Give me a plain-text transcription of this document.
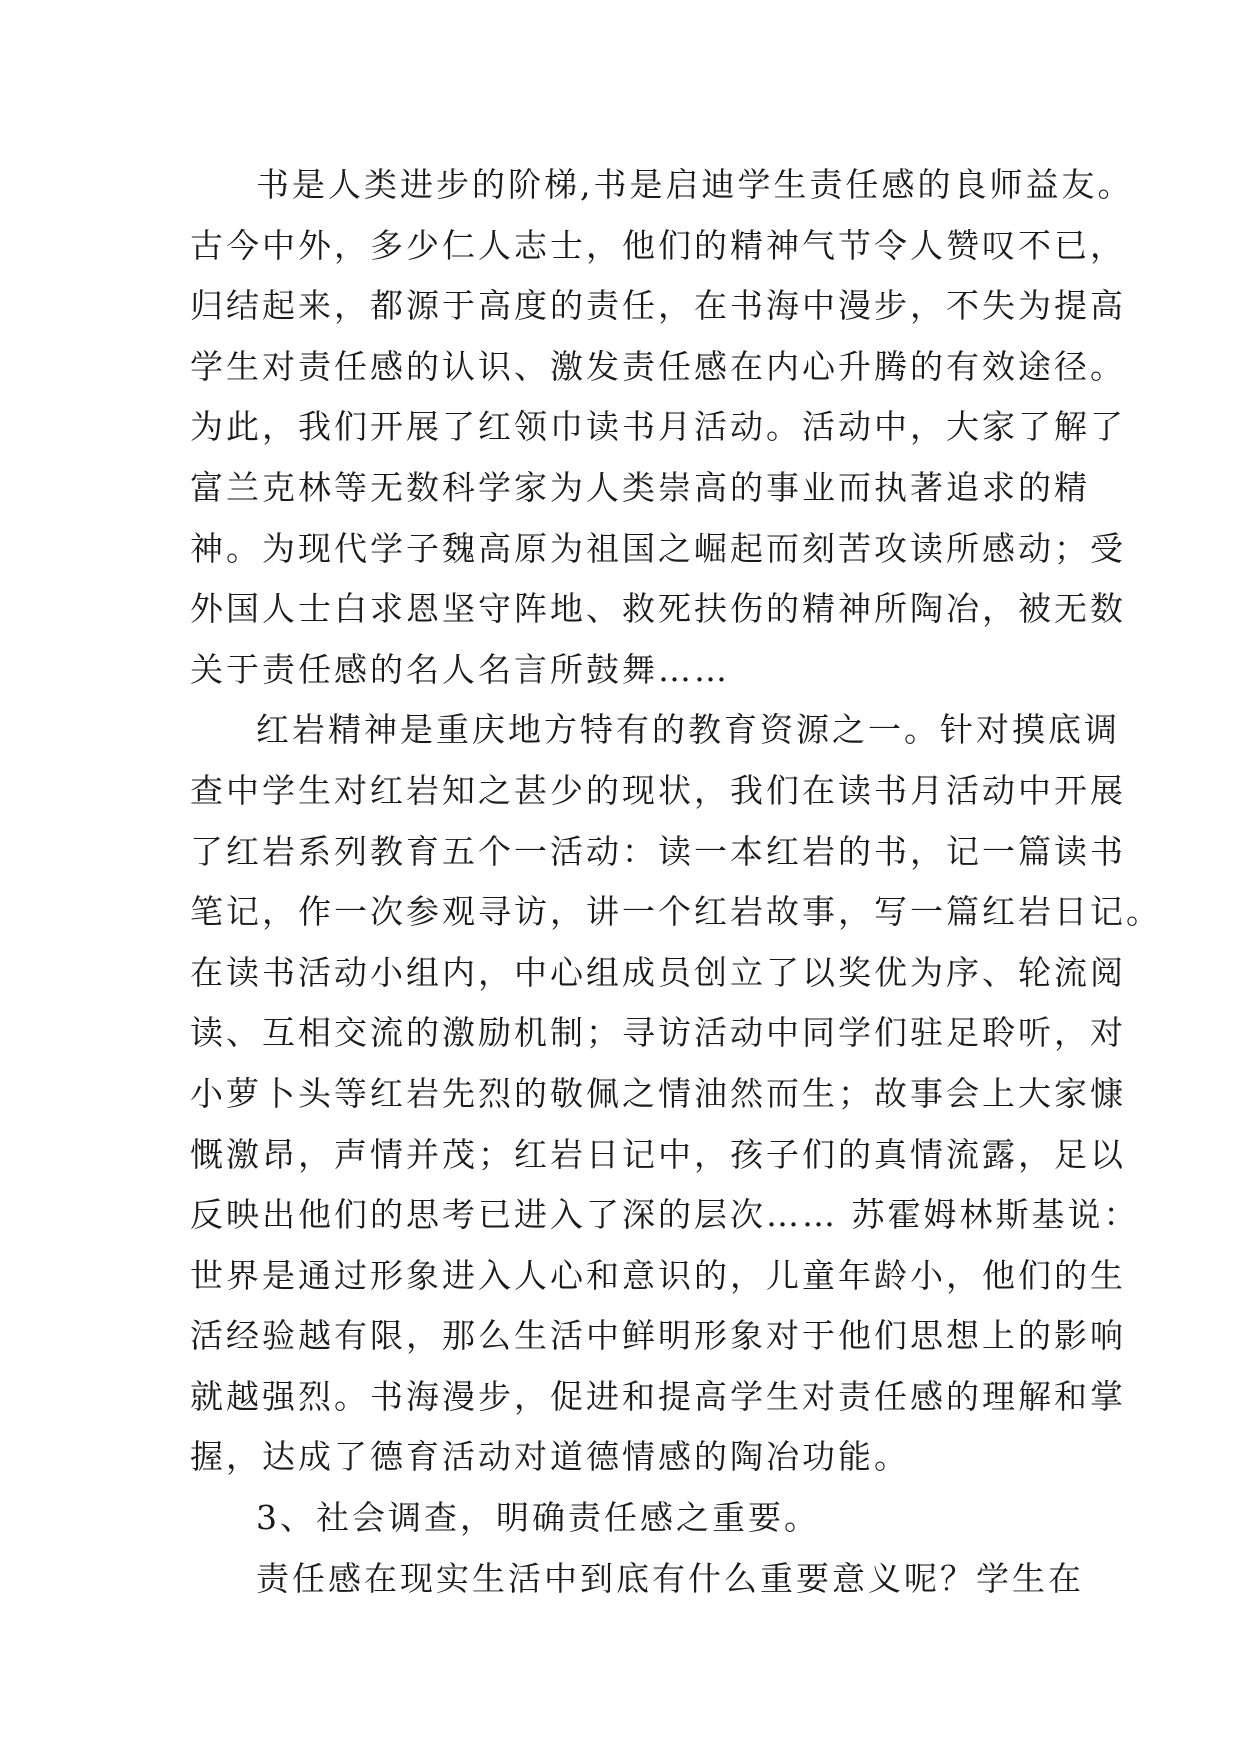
书是人类进步的阶梯,书是启迪学生责任感的良师益友。
古今中外，多少仁人志士，他们的精神气节令人赞叹不已，
归结起来，都源于高度的责任，在书海中漫步，不失为提高
学生对责任感的认识、激发责任感在内心升腾的有效途径。
为此，我们开展了红领巾读书月活动。活动中，大家了解了
富兰克林等无数科学家为人类崇高的事业而执著追求的精
神。为现代学子魏高原为祖国之崛起而刻苦攻读所感动；受
外国人士白求恩坚守阵地、救死扶伤的精神所陶冶，被无数
关于责任感的名人名言所鼓舞……
红岩精神是重庆地方特有的教育资源之一。针对摸底调
查中学生对红岩知之甚少的现状，我们在读书月活动中开展
了红岩系列教育五个一活动：读一本红岩的书，记一篇读书
笔记，作一次参观寻访，讲一个红岩故事，写一篇红岩日记。
在读书活动小组内，中心组成员创立了以奖优为序、轮流阅
读、互相交流的激励机制；寻访活动中同学们驻足聆听，对
小萝卜头等红岩先烈的敬佩之情油然而生；故事会上大家慷
慨激昂，声情并茂；红岩日记中，孩子们的真情流露，足以
反映出他们的思考已进入了深的层次…… 苏霍姆林斯基说：
世界是通过形象进入人心和意识的，儿童年龄小，他们的生
活经验越有限，那么生活中鲜明形象对于他们思想上的影响
就越强烈。书海漫步，促进和提高学生对责任感的理解和掌
握，达成了德育活动对道德情感的陶冶功能。
3、社会调查，明确责任感之重要。
责任感在现实生活中到底有什么重要意义呢？学生在
